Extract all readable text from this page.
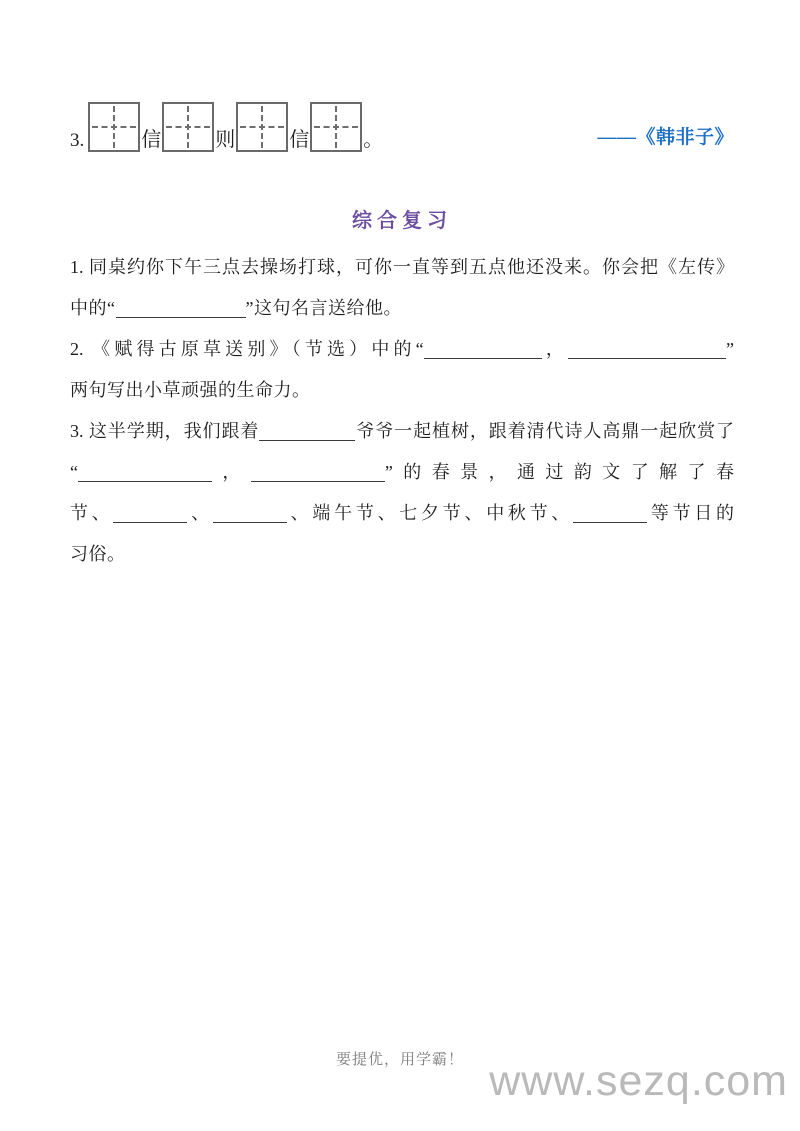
3.	信	则	信	。	——《韩非子》
综合复习
1. 同桌约你下午三点去操场打球，可你一直等到五点他还没来。你会把《左传》
中的“	”这句名言送给他。
2. 《赋得古原草送别》（节选）中的“	，	”
两句写出小草顽强的生命力。
3. 这半学期，我们跟着	爷爷一起植树，跟着清代诗人高鼎一起欣赏了
“	，	”的春景，通过韵文了解了春
节、	、	、端午节、七夕节、中秋节、	等节日的
习俗。
要提优，用学霸！ www.sezq.com
